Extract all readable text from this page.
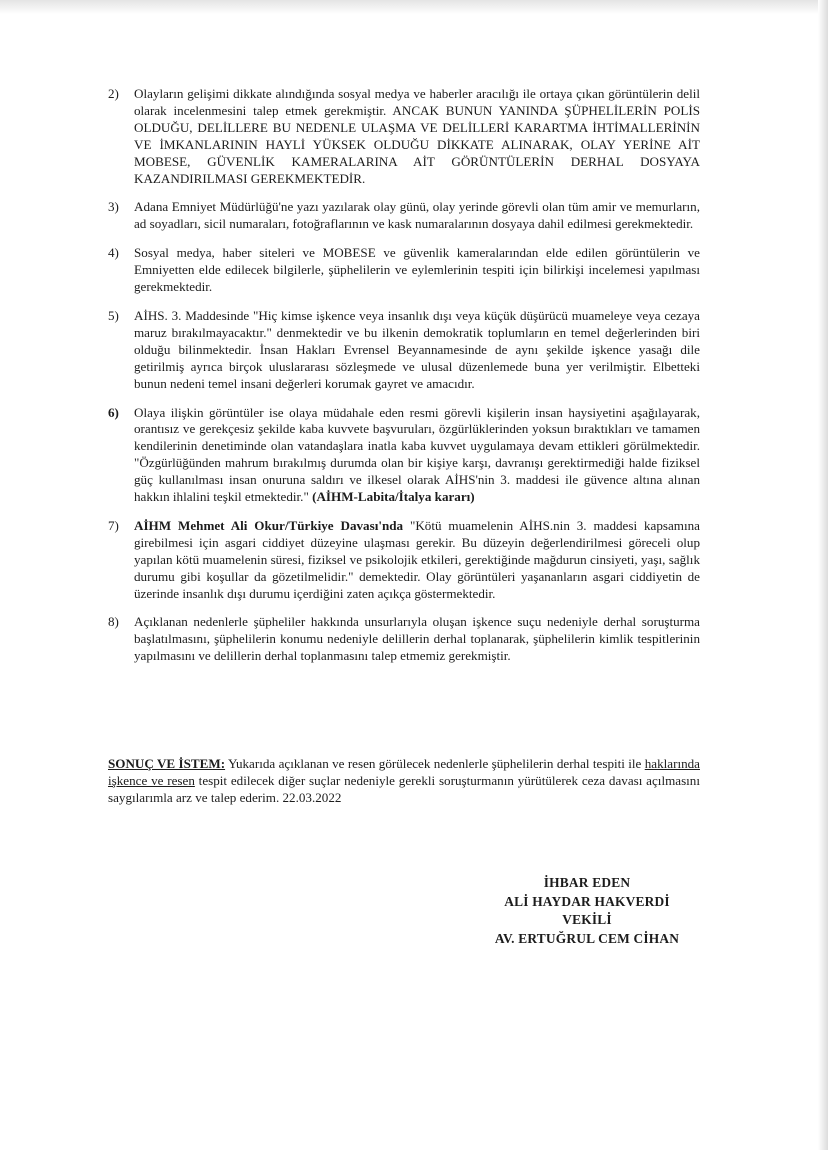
2)	Olayların gelişimi dikkate alındığında sosyal medya ve haberler aracılığı ile ortaya çıkan görüntülerin delil olarak incelenmesini talep etmek gerekmiştir. ANCAK BUNUN YANINDA ŞÜPHELİLERİN POLİS OLDUĞU, DELİLLERE BU NEDENLE ULAŞMA VE DELİLLERİ KARARTMA İHTİMALLERİNİN VE İMKANLARININ HAYLİ YÜKSEK OLDUĞU DİKKATE ALINARAK, OLAY YERİNE AİT MOBESE, GÜVENLİK KAMERALARINA AİT GÖRÜNTÜLERİN DERHAL DOSYAYA KAZANDIRILMASI GEREKMEKTEDİR.
3)	Adana Emniyet Müdürlüğü'ne yazı yazılarak olay günü, olay yerinde görevli olan tüm amir ve memurların, ad soyadları, sicil numaraları, fotoğraflarının ve kask numaralarının dosyaya dahil edilmesi gerekmektedir.
4)	Sosyal medya, haber siteleri ve MOBESE ve güvenlik kameralarından elde edilen görüntülerin ve Emniyetten elde edilecek bilgilerle, şüphelilerin ve eylemlerinin tespiti için bilirkişi incelemesi yapılması gerekmektedir.
5)	AİHS. 3. Maddesinde "Hiç kimse işkence veya insanlık dışı veya küçük düşürücü muameleye veya cezaya maruz bırakılmayacaktır." denmektedir ve bu ilkenin demokratik toplumların en temel değerlerinden biri olduğu bilinmektedir. İnsan Hakları Evrensel Beyannamesinde de aynı şekilde işkence yasağı dile getirilmiş ayrıca birçok uluslararası sözleşmede ve ulusal düzenlemede buna yer verilmiştir. Elbetteki bunun nedeni temel insani değerleri korumak gayret ve amacıdır.
6)	Olaya ilişkin görüntüler ise olaya müdahale eden resmi görevli kişilerin insan haysiyetini aşağılayarak, orantısız ve gerekçesiz şekilde kaba kuvvete başvuruları, özgürlüklerinden yoksun bıraktıkları ve tamamen kendilerinin denetiminde olan vatandaşlara inatla kaba kuvvet uygulamaya devam ettikleri görülmektedir. "Özgürlüğünden mahrum bırakılmış durumda olan bir kişiye karşı, davranışı gerektirmediği halde fiziksel güç kullanılması insan onuruna saldırı ve ilkesel olarak AİHS'nin 3. maddesi ile güvence altına alınan hakkın ihlalini teşkil etmektedir." (AİHM-Labita/İtalya kararı)
7)	AİHM Mehmet Ali Okur/Türkiye Davası'nda "Kötü muamelenin AİHS.nin 3. maddesi kapsamına girebilmesi için asgari ciddiyet düzeyine ulaşması gerekir. Bu düzeyin değerlendirilmesi göreceli olup yapılan kötü muamelenin süresi, fiziksel ve psikolojik etkileri, gerektiğinde mağdurun cinsiyeti, yaşı, sağlık durumu gibi koşullar da gözetilmelidir." demektedir. Olay görüntüleri yaşananların asgari ciddiyetin de üzerinde insanlık dışı durumu içerdiğini zaten açıkça göstermektedir.
8)	Açıklanan nedenlerle şüpheliler hakkında unsurlarıyla oluşan işkence suçu nedeniyle derhal soruşturma başlatılmasını, şüphelilerin konumu nedeniyle delillerin derhal toplanarak, şüphelilerin kimlik tespitlerinin yapılmasını ve delillerin derhal toplanmasını talep etmemiz gerekmiştir.
SONUÇ VE İSTEM: Yukarıda açıklanan ve resen görülecek nedenlerle şüphelilerin derhal tespiti ile haklarında işkence ve resen tespit edilecek diğer suçlar nedeniyle gerekli soruşturmanın yürütülerek ceza davası açılmasını saygılarımla arz ve talep ederim. 22.03.2022
İHBAR EDEN
ALİ HAYDAR HAKVERDİ
VEKİLİ
AV. ERTUĞRUL CEM CİHAN
